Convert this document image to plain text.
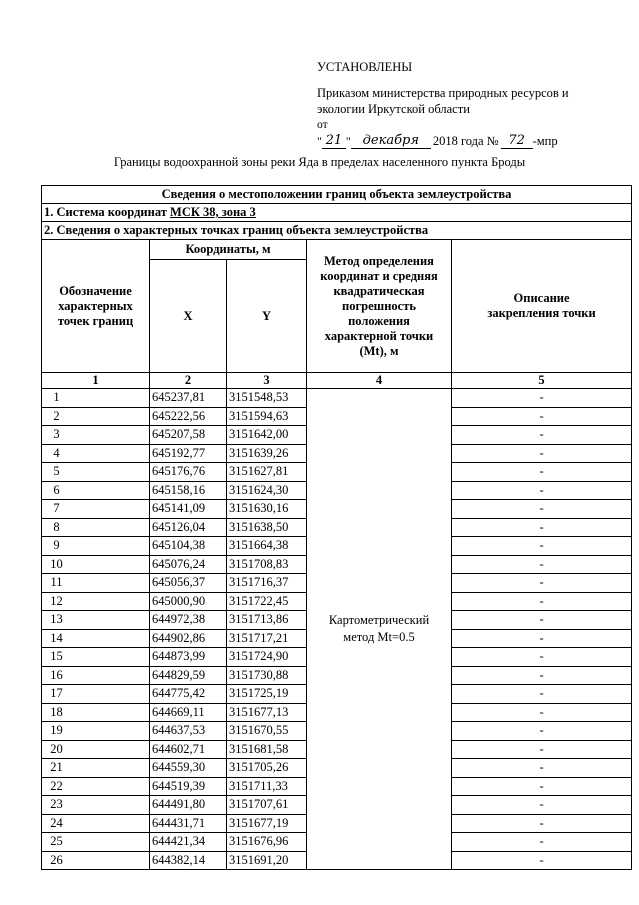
УСТАНОВЛЕНЫ
Приказом министерства природных ресурсов и
экологии Иркутской области
от
" 21 " декабря	2018 года № 72 -мпр
Границы водоохранной зоны реки Яда в пределах населенного пункта Броды
Сведения о местоположении границ объекта землеустройства				
1. Система координат МСК 38, зона 3				
2. Сведения о характерных точках границ объекта землеустройства				
Обозначение характерных точек границ	Координаты, м		Метод определения координат и средняя квадратическая погрешность положения характерной точки (Mt), м	Описание закрепления точки
	X	Y		
1	2	3	4	5
1	645237,81	3151548,53	Картометрический метод Mt=0.5	-
2	645222,56	3151594,63		-
3	645207,58	3151642,00		-
4	645192,77	3151639,26		-
5	645176,76	3151627,81		-
6	645158,16	3151624,30		-
7	645141,09	3151630,16		-
8	645126,04	3151638,50		-
9	645104,38	3151664,38		-
10	645076,24	3151708,83		-
11	645056,37	3151716,37		-
12	645000,90	3151722,45		-
13	644972,38	3151713,86		-
14	644902,86	3151717,21		-
15	644873,99	3151724,90		-
16	644829,59	3151730,88		-
17	644775,42	3151725,19		-
18	644669,11	3151677,13		-
19	644637,53	3151670,55		-
20	644602,71	3151681,58		-
21	644559,30	3151705,26		-
22	644519,39	3151711,33		-
23	644491,80	3151707,61		-
24	644431,71	3151677,19		-
25	644421,34	3151676,96		-
26	644382,14	3151691,20		-
